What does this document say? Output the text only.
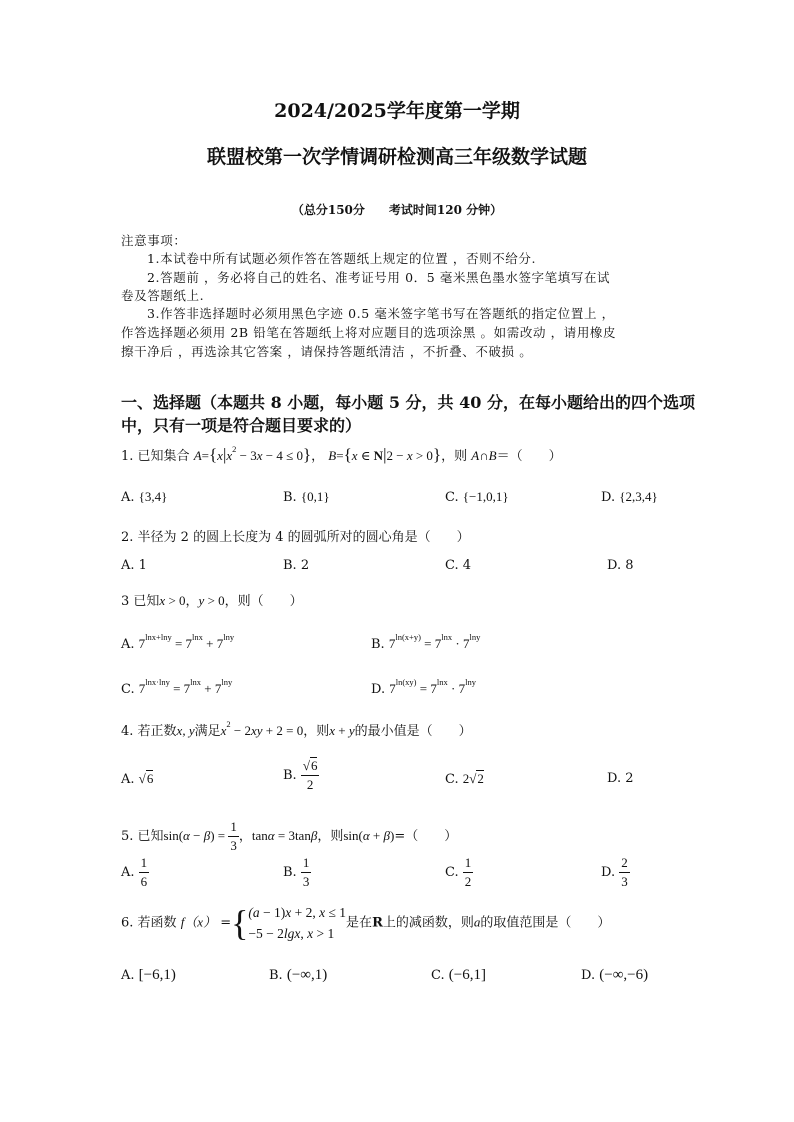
2024/2025学年度第一学期
联盟校第一次学情调研检测高三年级数学试题
（总分150分　　考试时间120 分钟）
注意事项：
1.本试卷中所有试题必须作答在答题纸上规定的位置 ，否则不给分.
2.答题前 ，务必将自己的姓名、准考证号用 0．5 毫米黑色墨水签字笔填写在试
卷及答题纸上.
3.作答非选择题时必须用黑色字迹 0.5 毫米签字笔书写在答题纸的指定位置上 ，
作答选择题必须用 2B 铅笔在答题纸上将对应题目的选项涂黑 。如需改动 ，请用橡皮
擦干净后 ，再选涂其它答案 ，请保持答题纸清洁 ，不折叠、不破损 。
一、选择题（本题共 8 小题，每小题 5 分，共 40 分，在每小题给出的四个选项
中，只有一项是符合题目要求的）
1. 已知集合 $A=\{x|x^2 - 3x - 4 \le 0\}$， B={x ∈ N|2 − x > 0}，则 A∩B＝（　　）
A. {3,4}	B. {0,1}	C. {−1,0,1}	D. {2,3,4}
2. 半径为 2 的圆上长度为 4 的圆弧所对的圆心角是（　　）
A. 1	B. 2	C. 4	D. 8
3 已知x > 0，y > 0，则（　　）
A. $7^{lnx+lny} = 7^{lnx} + 7^{lny}$	B. $7^{ln(x+y)} = 7^{lnx} \cdot 7^{lny}$
C. $7^{lnx\cdot lny} = 7^{lnx} + 7^{lny}$	D. $7^{ln(xy)} = 7^{lnx} \cdot 7^{lny}$
4. 若正数x, y满足$x^2 - 2xy + 2 = 0$，则x + y的最小值是（　　）
A. √6	B. $\frac{√6}{2}$	C. 2√2	D. 2
5. 已知$\sin(\alpha - \beta) = \frac{1}{3}$ ，tanα = 3tanβ，则sin(α + β)=（　　）
A. $\frac{1}{6}$	B. $\frac{1}{3}$	C. $\frac{1}{2}$	D. $\frac{2}{3}$
6. 若函数 f（x） ={ (a − 1)x + 2, x ≤ 1
−5 − 2lgx, x > 1
是在R上的减函数，则a的取值范围是（　　）
A. [−6,1)	B. (−∞,1)	C. (−6,1]	D. (−∞,−6)
